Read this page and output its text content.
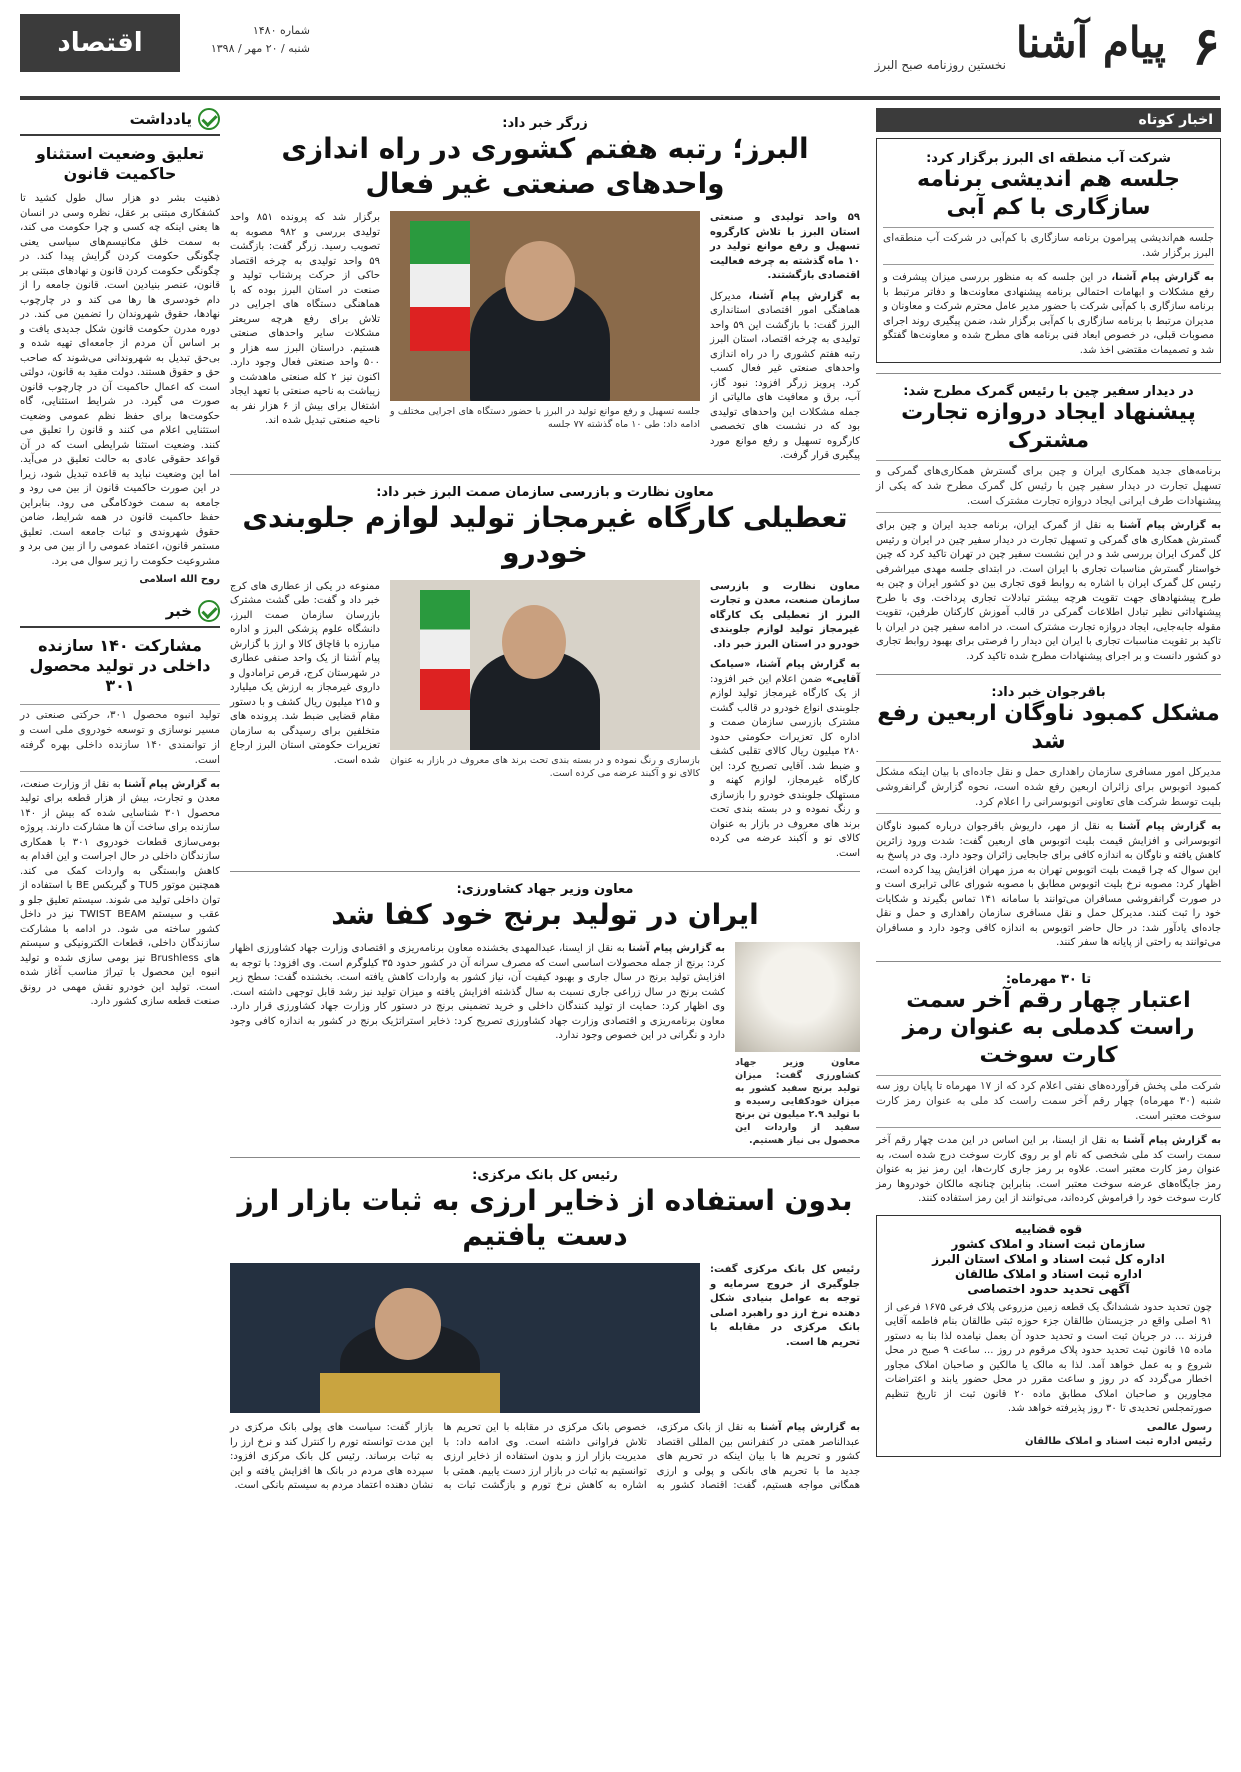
۶
پیام آشنا
نخستین روزنامه صبح البرز
شماره ۱۴۸۰
شنبه / ۲۰ مهر / ۱۳۹۸
اقتصاد
اخبار کوتاه
شرکت آب منطقه ای البرز برگزار کرد:
جلسه هم اندیشی برنامه سازگاری با کم آبی
جلسه هم‌اندیشی پیرامون برنامه سازگاری با کم‌آبی در شرکت آب منطقه‌ای البرز برگزار شد.
به گزارش پیام آشنا، در این جلسه که به منظور بررسی میزان پیشرفت و رفع مشکلات و ابهامات احتمالی برنامه پیشنهادی معاونت‌ها و دفاتر مرتبط با برنامه سازگاری با کم‌آبی شرکت با حضور مدیر عامل محترم شرکت و معاونان و مدیران مرتبط با برنامه سازگاری با کم‌آبی برگزار شد، ضمن پیگیری روند اجرای مصوبات قبلی، در خصوص ابعاد فنی برنامه های مطرح شده و معاونت‌ها گفتگو شد و تصمیمات مقتضی اخذ شد.
در دیدار سفیر چین با رئیس گمرک مطرح شد:
پیشنهاد ایجاد دروازه تجارت مشترک
برنامه‌های جدید همکاری ایران و چین برای گسترش همکاری‌های گمرکی و تسهیل تجارت در دیدار سفیر چین با رئیس کل گمرک مطرح شد که یکی از پیشنهادات طرف ایرانی ایجاد دروازه تجارت مشترک است.
به گزارش پیام آشنا به نقل از گمرک ایران، برنامه جدید ایران و چین برای گسترش همکاری های گمرکی و تسهیل تجارت در دیدار سفیر چین در ایران و رئیس کل گمرک ایران بررسی شد و در این نشست سفیر چین در تهران تاکید کرد که چین خواستار گسترش مناسبات تجاری با ایران است. در ابتدای جلسه مهدی میراشرفی رئیس کل گمرک ایران با اشاره به روابط قوی تجاری بین دو کشور ایران و چین به طرح پیشنهادهای جهت تقویت هرچه بیشتر تبادلات تجاری پرداخت. وی با طرح پیشنهاداتی نظیر تبادل اطلاعات گمرکی در قالب آموزش کارکنان طرفین، تقویت مقوله جابه‌جایی، ایجاد دروازه تجارت مشترک است. در ادامه سفیر چین در ایران با تاکید بر تقویت مناسبات تجاری با ایران این دیدار را فرصتی برای بهبود روابط تجاری دو کشور دانست و بر اجرای پیشنهادات مطرح شده تاکید کرد.
باقرجوان خبر داد:
مشکل کمبود ناوگان اربعین رفع شد
مدیرکل امور مسافری سازمان راهداری حمل و نقل جاده‌ای با بیان اینکه مشکل کمبود اتوبوس برای زائران اربعین رفع شده است، نحوه گزارش گرانفروشی بلیت توسط شرکت های تعاونی اتوبوسرانی را اعلام کرد.
به گزارش پیام آشنا به نقل از مهر، داریوش باقرجوان درباره کمبود ناوگان اتوبوسرانی و افزایش قیمت بلیت اتوبوس های اربعین گفت: شدت ورود زائرین کاهش یافته و ناوگان به اندازه کافی برای جابجایی زائران وجود دارد. وی در پاسخ به این سوال که چرا قیمت بلیت اتوبوس تهران به مرز مهران افزایش پیدا کرده است، اظهار کرد: مصوبه نرخ بلیت اتوبوس مطابق با مصوبه شورای عالی ترابری است و در صورت گرانفروشی مسافران می‌توانند با سامانه ۱۴۱ تماس بگیرند و شکایات خود را ثبت کنند. مدیرکل حمل و نقل مسافری سازمان راهداری و حمل و نقل جاده‌ای یادآور شد: در حال حاضر اتوبوس به اندازه کافی وجود دارد و مسافران می‌توانند به راحتی از پایانه ها سفر کنند.
تا ۳۰ مهرماه:
اعتبار چهار رقم آخر سمت راست کدملی به عنوان رمز کارت سوخت
شرکت ملی پخش فرآورده‌های نفتی اعلام کرد که از ۱۷ مهرماه تا پایان روز سه شنبه (۳۰ مهرماه) چهار رقم آخر سمت راست کد ملی به عنوان رمز کارت سوخت معتبر است.
به گزارش پیام آشنا به نقل از ایسنا، بر این اساس در این مدت چهار رقم آخر سمت راست کد ملی شخصی که نام او بر روی کارت سوخت درج شده است، به عنوان رمز کارت معتبر است. علاوه بر رمز جاری کارت‌ها، این رمز نیز به عنوان رمز جایگاه‌های عرضه سوخت معتبر است. بنابراین چنانچه مالکان خودروها رمز کارت سوخت خود را فراموش کرده‌اند، می‌توانند از این رمز استفاده کنند.
قوه قضاییه
سازمان ثبت اسناد و املاک کشور
اداره کل ثبت اسناد و املاک استان البرز
اداره ثبت اسناد و املاک طالقان
آگهی تحدید حدود اختصاصی
چون تحدید حدود ششدانگ یک قطعه زمین مزروعی پلاک فرعی ۱۶۷۵ فرعی از ۹۱ اصلی واقع در جزیستان طالقان جزء حوزه ثبتی طالقان بنام فاطمه آقایی فرزند ... در جریان ثبت است و تحدید حدود آن بعمل نیامده لذا بنا به دستور ماده ۱۵ قانون ثبت تحدید حدود پلاک مرقوم در روز ... ساعت ۹ صبح در محل شروع و به عمل خواهد آمد. لذا به مالک یا مالکین و صاحبان املاک مجاور اخطار می‌گردد که در روز و ساعت مقرر در محل حضور یابند و اعتراضات مجاورین و صاحبان املاک مطابق ماده ۲۰ قانون ثبت از تاریخ تنظیم صورتمجلس تحدیدی تا ۳۰ روز پذیرفته خواهد شد.
رسول عالمی
رئیس اداره ثبت اسناد و املاک طالقان
زرگر خبر داد:
البرز؛ رتبه هفتم کشوری در راه اندازی واحدهای صنعتی غیر فعال
۵۹ واحد تولیدی و صنعتی استان البرز با تلاش کارگروه تسهیل و رفع موانع تولید در ۱۰ ماه گذشته به چرخه فعالیت اقتصادی بازگشتند.
به گزارش پیام آشنا، مدیرکل هماهنگی امور اقتصادی استانداری البرز گفت: با بازگشت این ۵۹ واحد تولیدی به چرخه اقتصاد، استان البرز رتبه هفتم کشوری را در راه اندازی واحدهای صنعتی غیر فعال کسب کرد. پرویز زرگر افزود: نبود گاز، آب، برق و معافیت های مالیاتی از جمله مشکلات این واحدهای تولیدی بود که در نشست های تخصصی کارگروه تسهیل و رفع موانع مورد پیگیری قرار گرفت.
جلسه تسهیل و رفع موانع تولید در البرز با حضور دستگاه های اجرایی مختلف و ادامه داد: طی ۱۰ ماه گذشته ۷۷ جلسه
برگزار شد که پرونده ۸۵۱ واحد تولیدی بررسی و ۹۸۲ مصوبه به تصویب رسید. زرگر گفت: بازگشت ۵۹ واحد تولیدی به چرخه اقتصاد حاکی از حرکت پرشتاب تولید و صنعت در استان البرز بوده که با هماهنگی دستگاه های اجرایی در تلاش برای رفع هرچه سریعتر مشکلات سایر واحدهای صنعتی هستیم. دراستان البرز سه هزار و ۵۰۰ واحد صنعتی فعال وجود دارد. اکنون نیز ۲ کله صنعتی ماهدشت و زیباشت به ناحیه صنعتی با تعهد ایجاد اشتغال برای بیش از ۶ هزار نفر به ناحیه صنعتی تبدیل شده اند.
معاون نظارت و بازرسی سازمان صمت البرز خبر داد:
تعطیلی کارگاه غیرمجاز تولید لوازم جلوبندی خودرو
معاون نظارت و بازرسی سازمان صنعت، معدن و تجارت البرز از تعطیلی یک کارگاه غیرمجاز تولید لوازم جلوبندی خودرو در استان البرز خبر داد.
به گزارش پیام آشنا، «سیامک آقایی» ضمن اعلام این خبر افزود: از یک کارگاه غیرمجاز تولید لوازم جلوبندی انواع خودرو در قالب گشت مشترک بازرسی سازمان صمت و اداره کل تعزیرات حکومتی حدود ۲۸۰ میلیون ریال کالای تقلبی کشف و ضبط شد. آقایی تصریح کرد: این کارگاه غیرمجاز، لوازم کهنه و مستهلک جلوبندی خودرو را بازسازی و رنگ نموده و در بسته بندی تحت برند های معروف در بازار به عنوان کالای نو و آکبند عرضه می کرده است.
بازسازی و رنگ نموده و در بسته بندی تحت برند های معروف در بازار به عنوان کالای نو و آکبند عرضه می کرده است.
ممنوعه در یکی از عطاری های کرج خبر داد و گفت: طی گشت مشترک بازرسان سازمان صمت البرز، دانشگاه علوم پزشکی البرز و اداره مبارزه با قاچاق کالا و ارز با گزارش پیام آشنا از یک واحد صنفی عطاری در شهرستان کرج، قرص ترامادول و داروی غیرمجاز به ارزش یک میلیارد و ۲۱۵ میلیون ریال کشف و با دستور مقام قضایی ضبط شد. پرونده های متخلفین برای رسیدگی به سازمان تعزیرات حکومتی استان البرز ارجاع شده است.
معاون وزیر جهاد کشاورزی:
ایران در تولید برنج خود کفا شد
معاون وزیر جهاد کشاورزی گفت: میزان تولید برنج سفید کشور به میزان خودکفایی رسیده و با تولید ۲.۹ میلیون تن برنج سفید از واردات این محصول بی نیاز هستیم.
به گزارش پیام آشنا به نقل از ایسنا، عبدالمهدی بخشنده معاون برنامه‌ریزی و اقتصادی وزارت جهاد کشاورزی اظهار کرد: برنج از جمله محصولات اساسی است که مصرف سرانه آن در کشور حدود ۳۵ کیلوگرم است. وی افزود: با توجه به افزایش تولید برنج در سال جاری و بهبود کیفیت آن، نیاز کشور به واردات کاهش یافته است. بخشنده گفت: سطح زیر کشت برنج در سال زراعی جاری نسبت به سال گذشته افزایش یافته و میزان تولید نیز رشد قابل توجهی داشته است. وی اظهار کرد: حمایت از تولید کنندگان داخلی و خرید تضمینی برنج در دستور کار وزارت جهاد کشاورزی قرار دارد. معاون برنامه‌ریزی و اقتصادی وزارت جهاد کشاورزی تصریح کرد: ذخایر استراتژیک برنج در کشور به اندازه کافی وجود دارد و نگرانی در این خصوص وجود ندارد.
رئیس کل بانک مرکزی:
بدون استفاده از ذخایر ارزی به ثبات بازار ارز دست یافتیم
رئیس کل بانک مرکزی گفت: جلوگیری از خروج سرمایه و توجه به عوامل بنیادی شکل دهنده نرخ ارز دو راهبرد اصلی بانک مرکزی در مقابله با تحریم ها است.
به گزارش پیام آشنا به نقل از بانک مرکزی، عبدالناصر همتی در کنفرانس بین المللی اقتصاد کشور و تحریم ها با بیان اینکه در تحریم های جدید ما با تحریم های بانکی و پولی و ارزی همگانی مواجه هستیم، گفت: اقتصاد کشور به خصوص بانک مرکزی در مقابله با این تحریم ها تلاش فراوانی داشته است. وی ادامه داد: با مدیریت بازار ارز و بدون استفاده از ذخایر ارزی توانستیم به ثبات در بازار ارز دست یابیم. همتی با اشاره به کاهش نرخ تورم و بازگشت ثبات به بازار گفت: سیاست های پولی بانک مرکزی در این مدت توانسته تورم را کنترل کند و نرخ ارز را به ثبات برساند. رئیس کل بانک مرکزی افزود: سپرده های مردم در بانک ها افزایش یافته و این نشان دهنده اعتماد مردم به سیستم بانکی است.
یادداشت
تعلیق وضعیت استثناو حاکمیت قانون
ذهنیت بشر دو هزار سال طول کشید تا کشفکاری مبتنی بر عقل، نظره وسی در انسان ها یعنی اینکه چه کسی و چرا حکومت می کند، به سمت خلق مکانیسم‌های سیاسی یعنی چگونگی حکومت کردن گرایش پیدا کند. در چگونگی حکومت کردن قانون و نهادهای مبتنی بر قانون، عنصر بنیادین است. قانون جامعه را از دام خودسری ها رها می کند و در چارچوب نهادها، حقوق شهروندان را تضمین می کند. در دوره مدرن حکومت قانون شکل جدیدی یافت و بر اساس آن مردم از جامعه‌ای تهیه شده و بی‌حق تبدیل به شهروندانی می‌شوند که صاحب حق و حقوق هستند. دولت مقید به قانون، دولتی است که اعمال حاکمیت آن در چارچوب قانون صورت می گیرد. در شرایط استثنایی، گاه حکومت‌ها برای حفظ نظم عمومی وضعیت استثنایی اعلام می کنند و قانون را تعلیق می کنند. وضعیت استثنا شرایطی است که در آن قواعد حقوقی عادی به حالت تعلیق در می‌آید. اما این وضعیت نباید به قاعده تبدیل شود، زیرا در این صورت حاکمیت قانون از بین می رود و جامعه به سمت خودکامگی می رود. بنابراین حفظ حاکمیت قانون در همه شرایط، ضامن حقوق شهروندی و ثبات جامعه است. تعلیق مستمر قانون، اعتماد عمومی را از بین می برد و مشروعیت حکومت را زیر سوال می برد.
روح الله اسلامی
خبر
مشارکت ۱۴۰ سازنده داخلی در تولید محصول ۳۰۱
تولید انبوه محصول ۳۰۱، حرکتی صنعتی در مسیر نوسازی و توسعه خودروی ملی است و از توانمندی ۱۴۰ سازنده داخلی بهره گرفته است.
به گزارش پیام آشنا به نقل از وزارت صنعت، معدن و تجارت، بیش از هزار قطعه برای تولید محصول ۳۰۱ شناسایی شده که بیش از ۱۴۰ سازنده برای ساخت آن ها مشارکت دارند. پروژه بومی‌سازی قطعات خودروی ۳۰۱ با همکاری سازندگان داخلی در حال اجراست و این اقدام به کاهش وابستگی به واردات کمک می کند. همچنین موتور TU5 و گیربکس BE با استفاده از توان داخلی تولید می شوند. سیستم تعلیق جلو و عقب و سیستم TWIST BEAM نیز در داخل کشور ساخته می شود. در ادامه با مشارکت سازندگان داخلی، قطعات الکترونیکی و سیستم های Brushless نیز بومی سازی شده و تولید انبوه این محصول با تیراژ مناسب آغاز شده است. تولید این خودرو نقش مهمی در رونق صنعت قطعه سازی کشور دارد.
